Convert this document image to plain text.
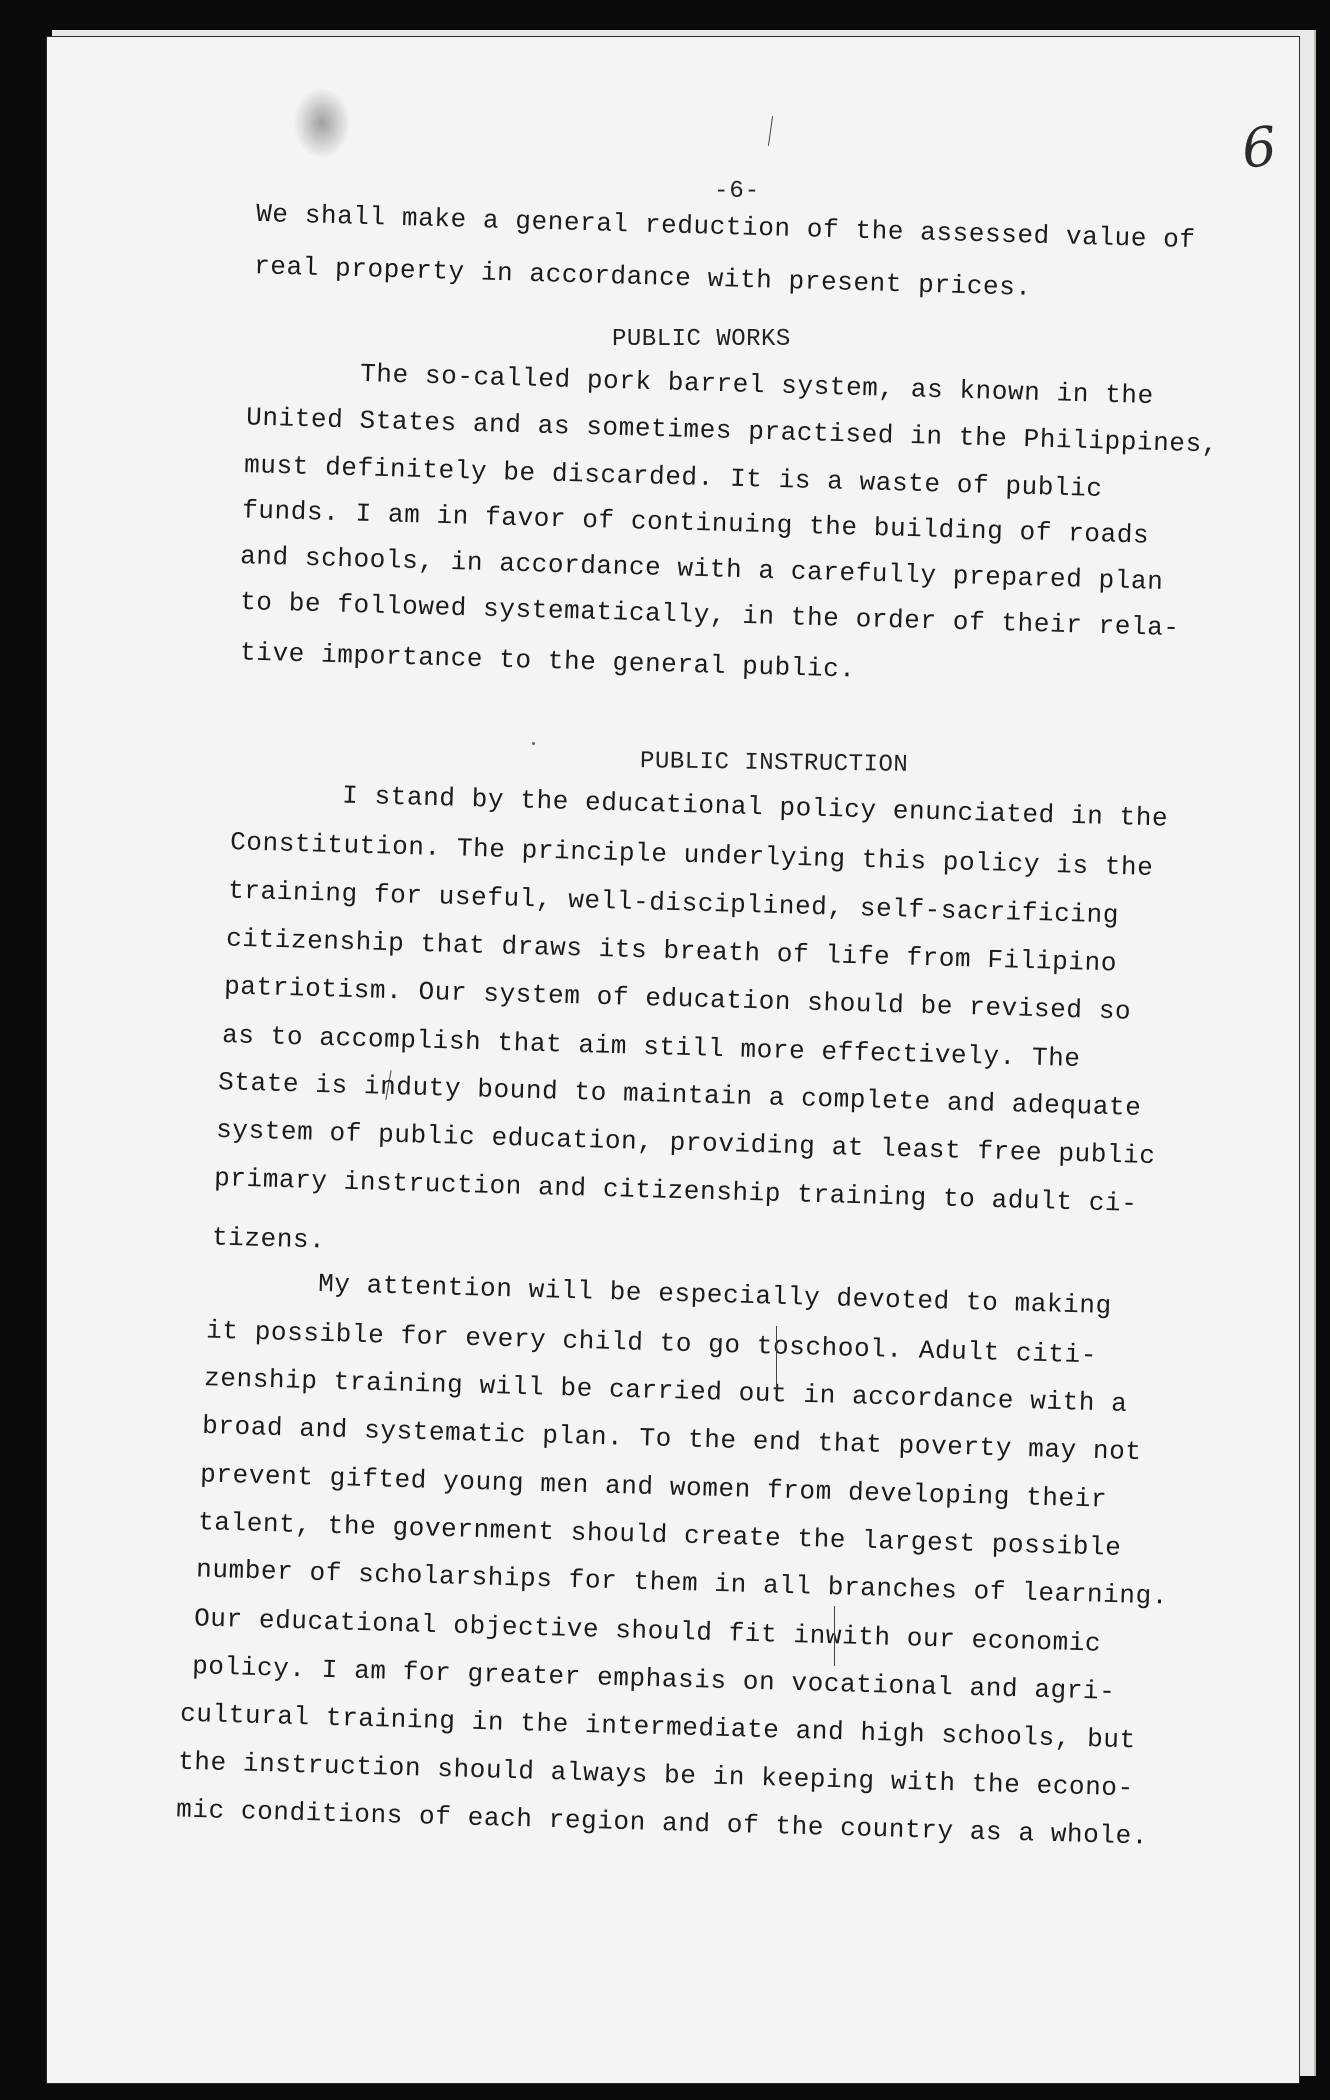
6
-6-
We shall make a general reduction of the assessed value of
real property in accordance with present prices.
PUBLIC WORKS
The so-called pork barrel system, as known in the
United States and as sometimes practised in the Philippines,
must definitely be discarded. It is a waste of public
funds. I am in favor of continuing the building of roads
and schools, in accordance with a carefully prepared plan
to be followed systematically, in the order of their rela-
tive importance to the general public.
PUBLIC INSTRUCTION
I stand by the educational policy enunciated in the
Constitution. The principle underlying this policy is the
training for useful, well-disciplined, self-sacrificing
citizenship that draws its breath of life from Filipino
patriotism. Our system of education should be revised so
as to accomplish that aim still more effectively. The
State is induty bound to maintain a complete and adequate
system of public education, providing at least free public
primary instruction and citizenship training to adult ci-
tizens.
My attention will be especially devoted to making
it possible for every child to go toschool. Adult citi-
zenship training will be carried out in accordance with a
broad and systematic plan. To the end that poverty may not
prevent gifted young men and women from developing their
talent, the government should create the largest possible
number of scholarships for them in all branches of learning.
Our educational objective should fit inwith our economic
policy. I am for greater emphasis on vocational and agri-
cultural training in the intermediate and high schools, but
the instruction should always be in keeping with the econo-
mic conditions of each region and of the country as a whole.
